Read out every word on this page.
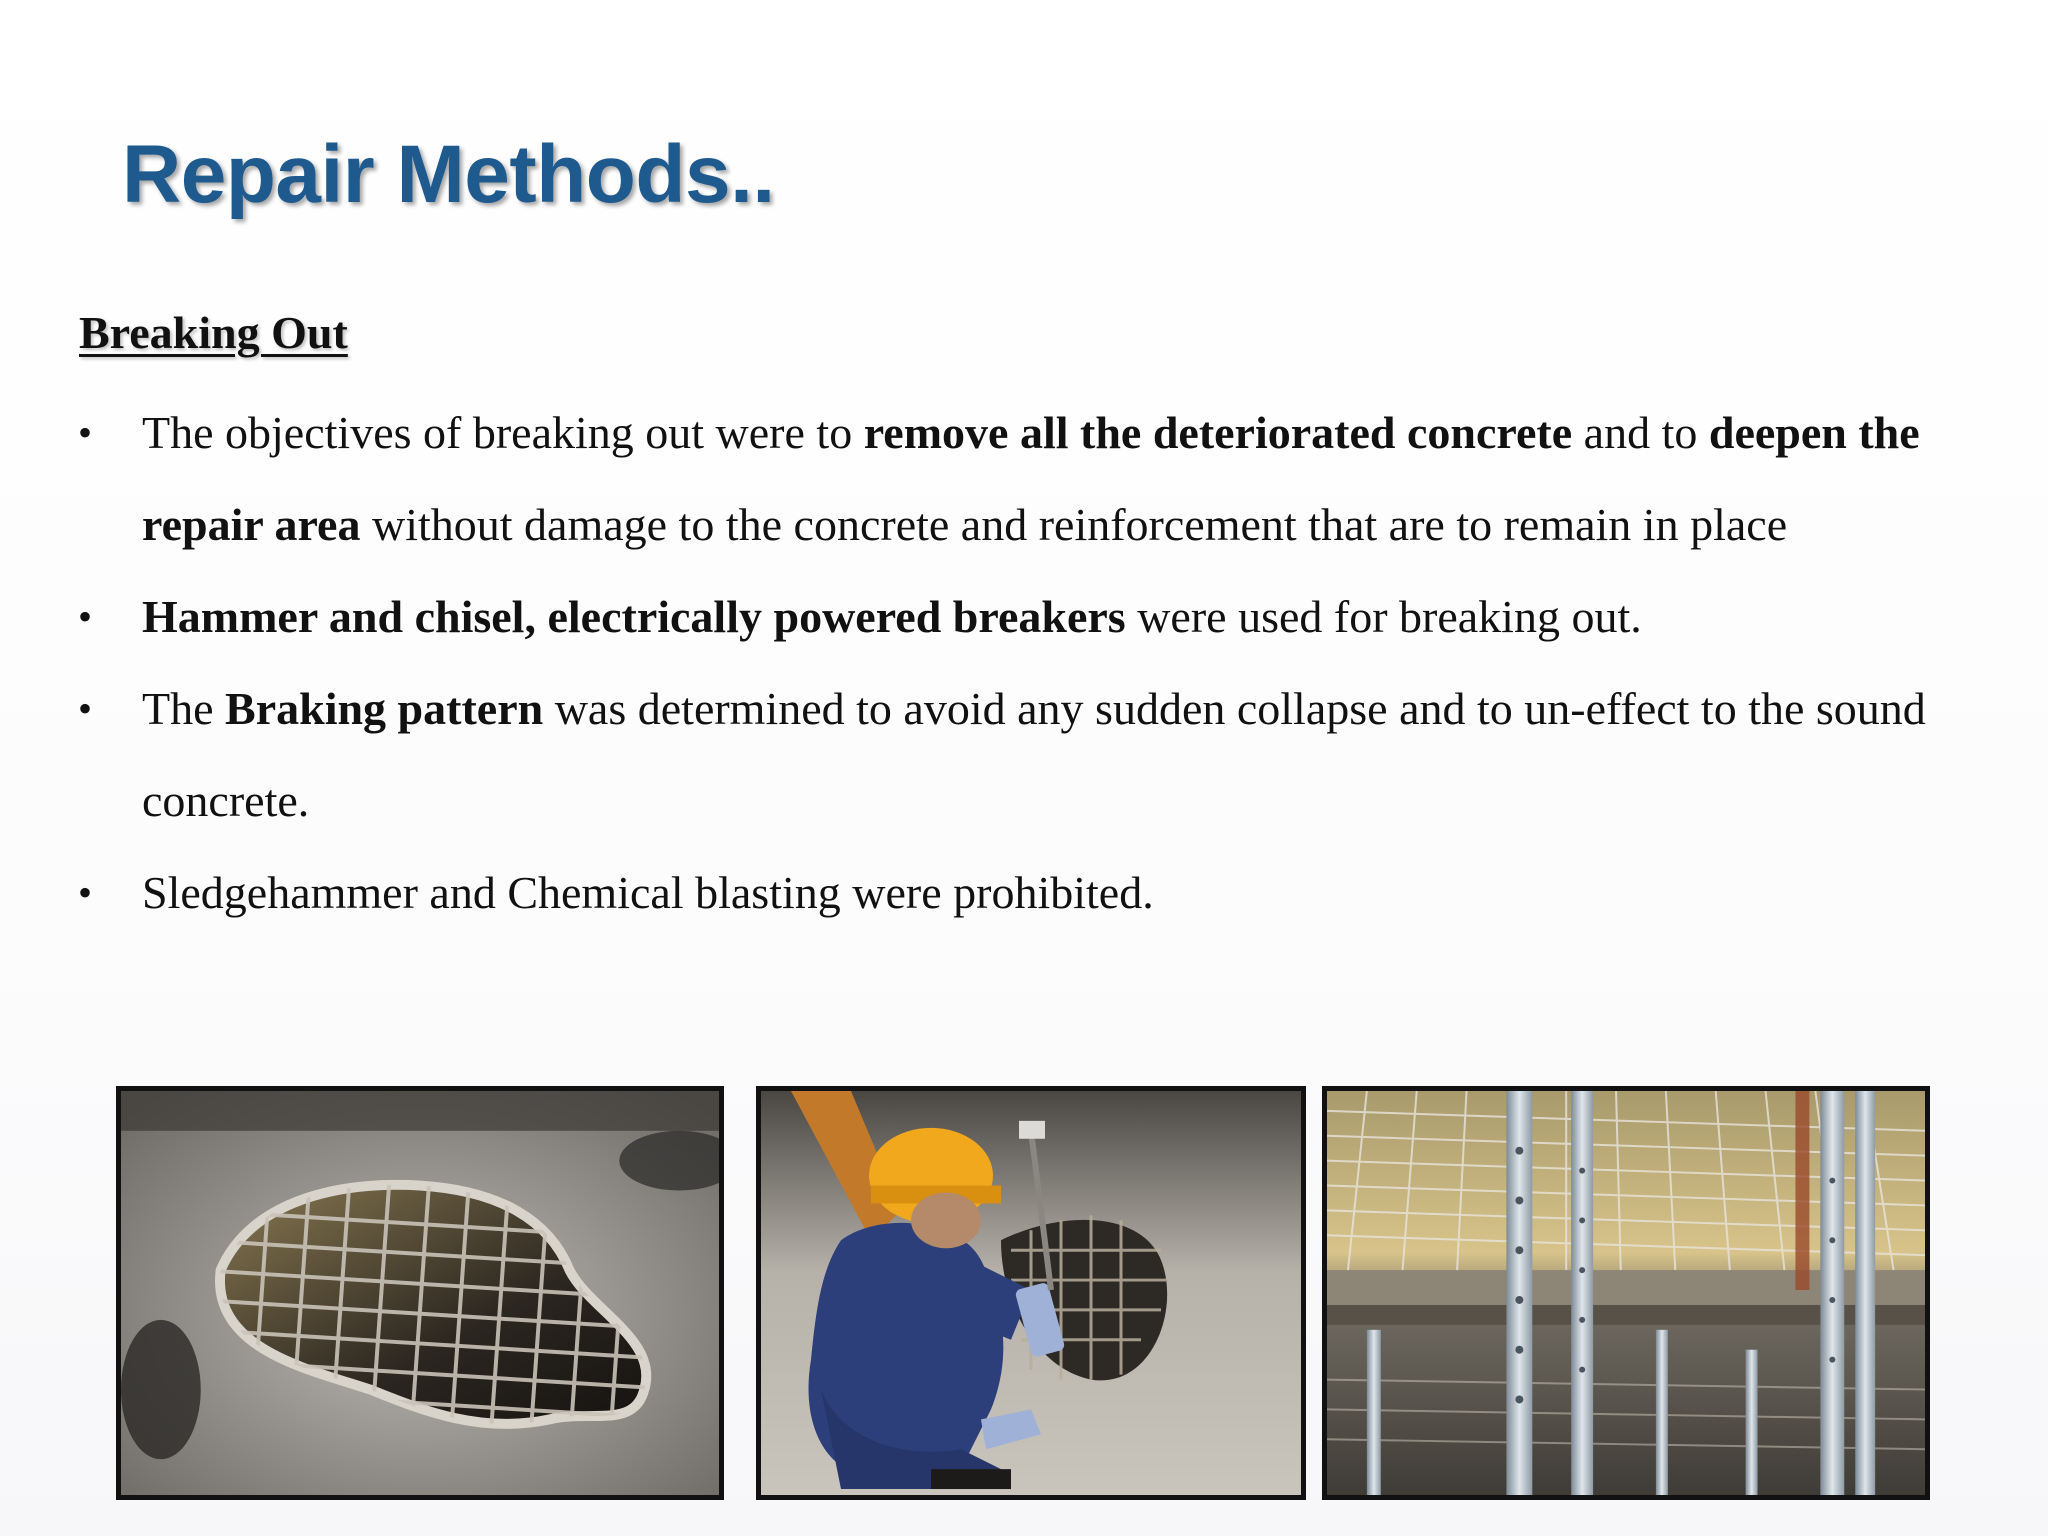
Repair Methods..
Breaking Out
• The objectives of breaking out were to remove all the deteriorated concrete and to deepen the repair area without damage to the concrete and reinforcement that are to remain in place
• Hammer and chisel, electrically powered breakers were used for breaking out.
• The Braking pattern was determined to avoid any sudden collapse and to un-effect to the sound concrete.
• Sledgehammer and Chemical blasting were prohibited.
